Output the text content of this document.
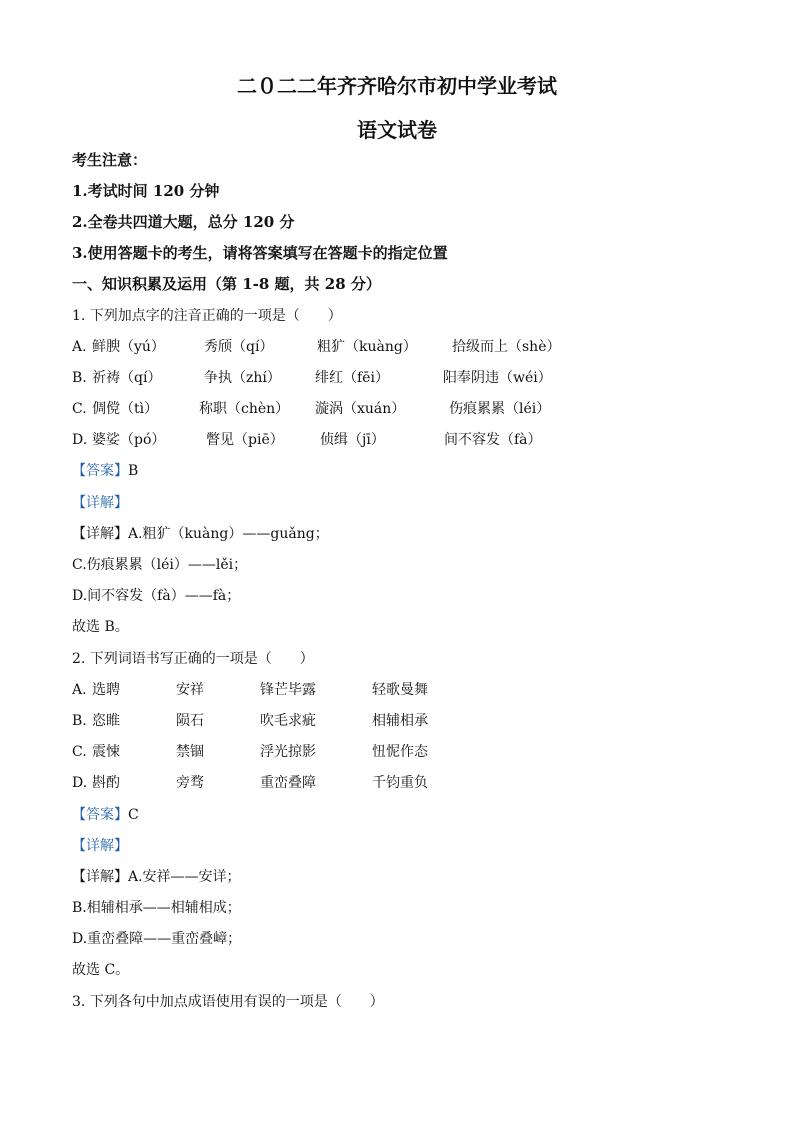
二０二二年齐齐哈尔市初中学业考试
语文试卷
考生注意：
1.考试时间 120 分钟
2.全卷共四道大题，总分 120 分
3.使用答题卡的考生，请将答案填写在答题卡的指定位置
一、知识积累及运用（第 1-8 题，共 28 分）
1. 下列加点字的注音正确的一项是（　　）
A. 鲜腴（yú）	秀颀（qí）	粗犷（kuàng）	拾级而上（shè）
B. 祈祷（qí）	争执（zhí） 绯红（fēi）	阳奉阴违（wéi）
C. 倜傥（tì）	称职（chèn） 漩涡（xuán）	伤痕累累（léi）
D. 婆娑（pó）	瞥见（piē）	侦缉（jī）	间不容发（fà）
【答案】B
【详解】
【详解】A.粗犷（kuàng）——guǎng；
C.伤痕累累（léi）——lěi；
D.间不容发（fà）——fà；
故选 B。
2. 下列词语书写正确的一项是（　　）
A. 选聘	安祥	锋芒毕露	轻歌曼舞
B. 恣睢	陨石	吹毛求疵	相辅相承
C. 震悚	禁锢	浮光掠影	忸怩作态
D. 斟酌	旁骛	重峦叠障	千钧重负
【答案】C
【详解】
【详解】A.安祥——安详；
B.相辅相承——相辅相成；
D.重峦叠障——重峦叠嶂；
故选 C。
3. 下列各句中加点成语使用有误的一项是（　　）
